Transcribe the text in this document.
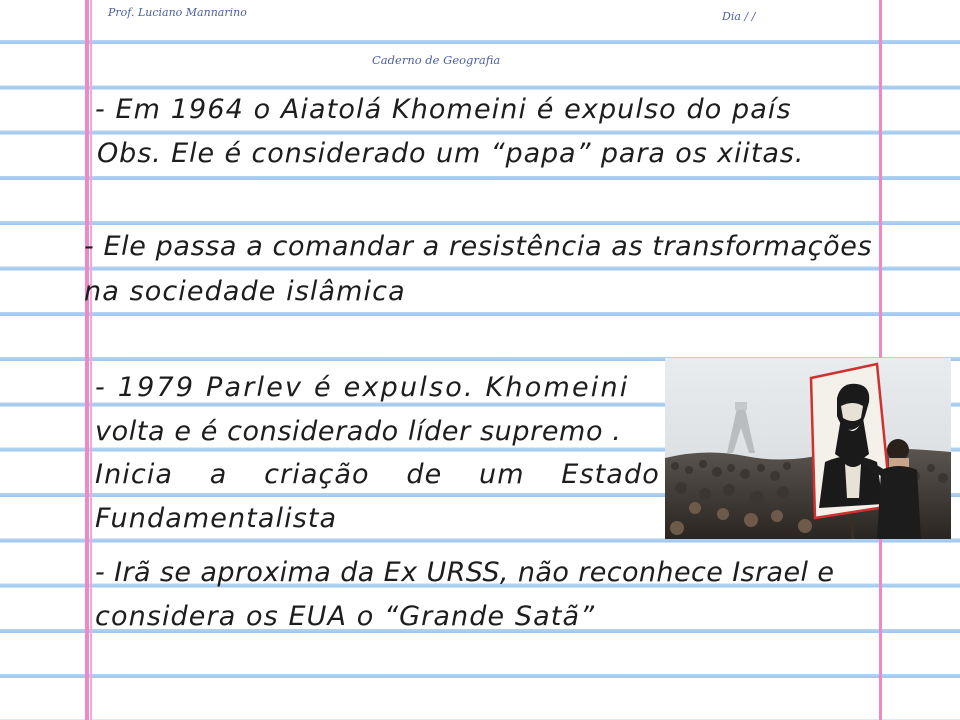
Prof. Luciano Mannarino	Dia / /
Caderno de Geografia

- Em 1964 o Aiatolá Khomeini é expulso do país

Obs. Ele é considerado um “papa” para os xiitas.

- Ele passa a comandar a resistência as transformações

na sociedade islâmica

- 1979 Parlev é expulso. Khomeini

volta e é considerado líder supremo .

Inicia a criação de um Estado

Fundamentalista

- Irã se aproxima da Ex URSS, não reconhece Israel e

considera os EUA o “Grande Satã”
